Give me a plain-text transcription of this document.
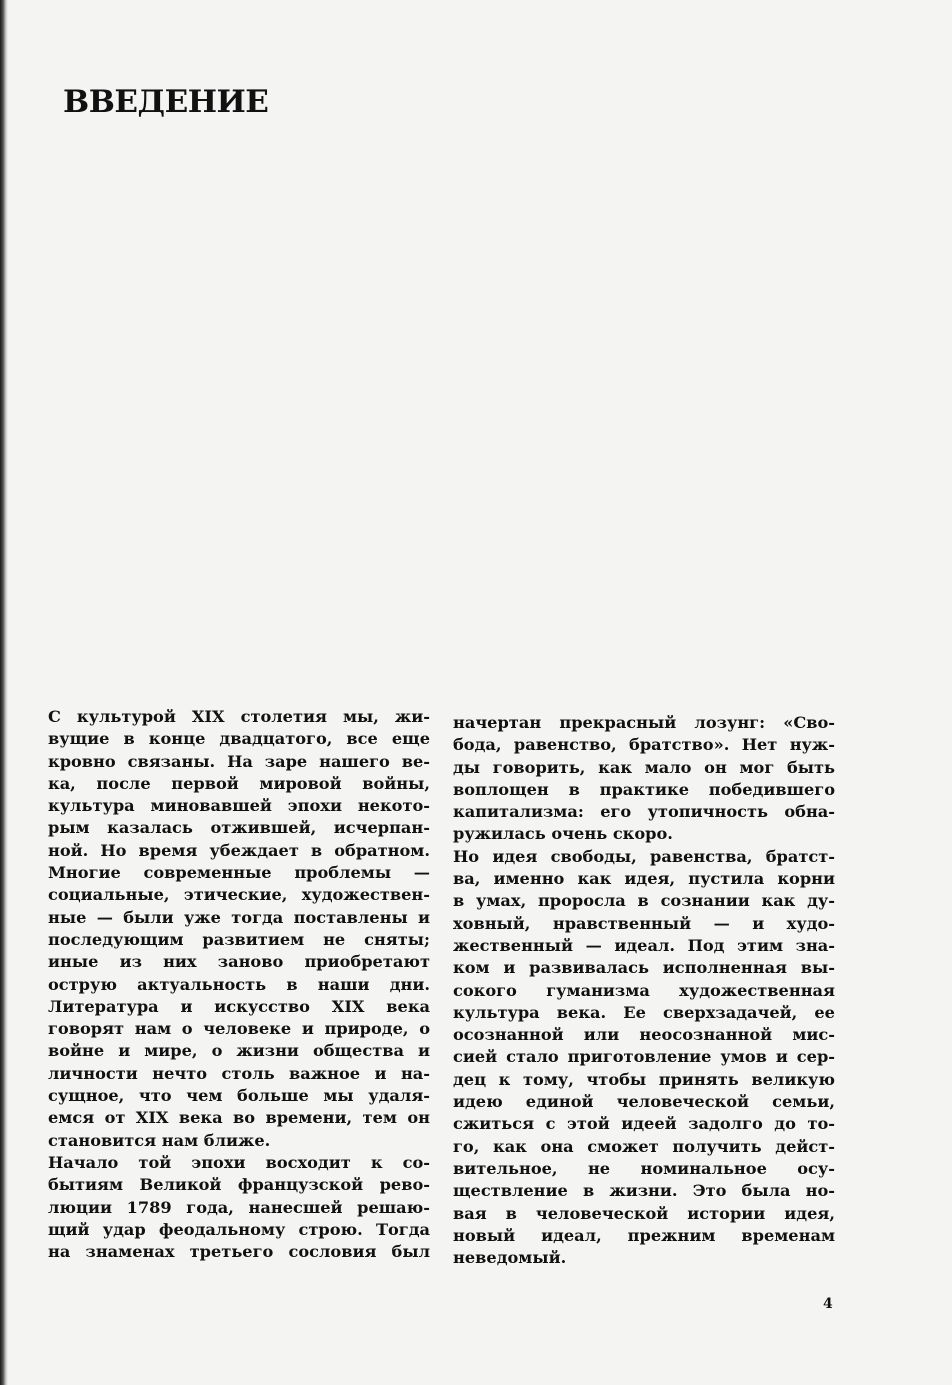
ВВЕДЕНИЕ
С культурой XIX столетия мы, жи-
вущие в конце двадцатого, все еще
кровно связаны. На заре нашего ве-
ка, после первой мировой войны,
культура миновавшей эпохи некото-
рым казалась отжившей, исчерпан-
ной. Но время убеждает в обратном.
Многие современные проблемы —
социальные, этические, художествен-
ные — были уже тогда поставлены и
последующим развитием не сняты;
иные из них заново приобретают
острую актуальность в наши дни.
Литература и искусство XIX века
говорят нам о человеке и природе, о
войне и мире, о жизни общества и
личности нечто столь важное и на-
сущное, что чем больше мы удаля-
емся от XIX века во времени, тем он
становится нам ближе.
Начало той эпохи восходит к со-
бытиям Великой французской рево-
люции 1789 года, нанесшей решаю-
щий удар феодальному строю. Тогда
на знаменах третьего сословия был
начертан прекрасный лозунг: «Сво-
бода, равенство, братство». Нет нуж-
ды говорить, как мало он мог быть
воплощен в практике победившего
капитализма: его утопичность обна-
ружилась очень скоро.
Но идея свободы, равенства, братст-
ва, именно как идея, пустила корни
в умах, проросла в сознании как ду-
ховный, нравственный — и худо-
жественный — идеал. Под этим зна-
ком и развивалась исполненная вы-
сокого гуманизма художественная
культура века. Ее сверхзадачей, ее
осознанной или неосознанной мис-
сией стало приготовление умов и сер-
дец к тому, чтобы принять великую
идею единой человеческой семьи,
сжиться с этой идеей задолго до то-
го, как она сможет получить дейст-
вительное, не номинальное осу-
ществление в жизни. Это была но-
вая в человеческой истории идея,
новый идеал, прежним временам
неведомый.
4
